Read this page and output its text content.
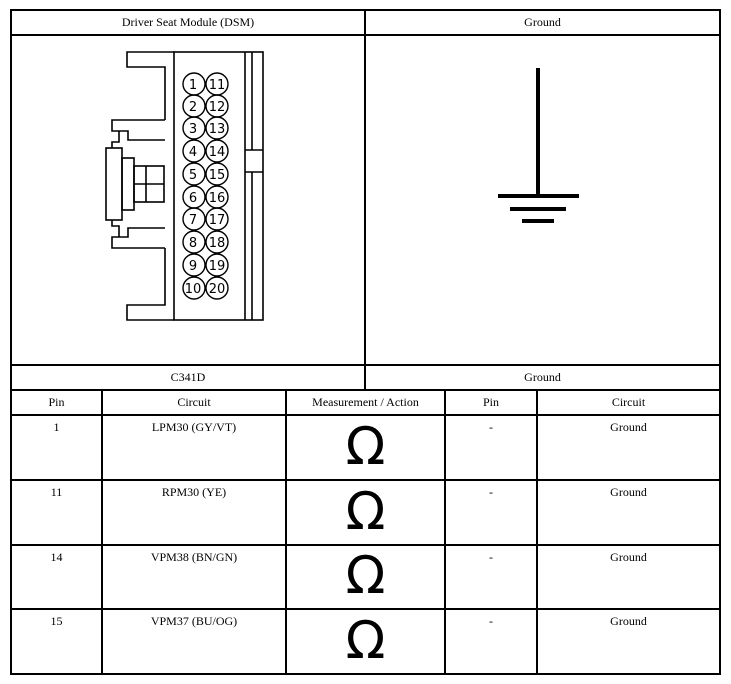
Driver Seat Module (DSM)	Ground
1 11
2 12
3 13
4 14
5 15
6 16
7 17
8 18
9 19
10 20
C341D	Ground
Pin	Circuit	Measurement / Action	Pin	Circuit
1	LPM30 (GY/VT)	Ω	-	Ground
11	RPM30 (YE)	Ω	-	Ground
14	VPM38 (BN/GN)	Ω	-	Ground
15	VPM37 (BU/OG)	Ω	-	Ground
